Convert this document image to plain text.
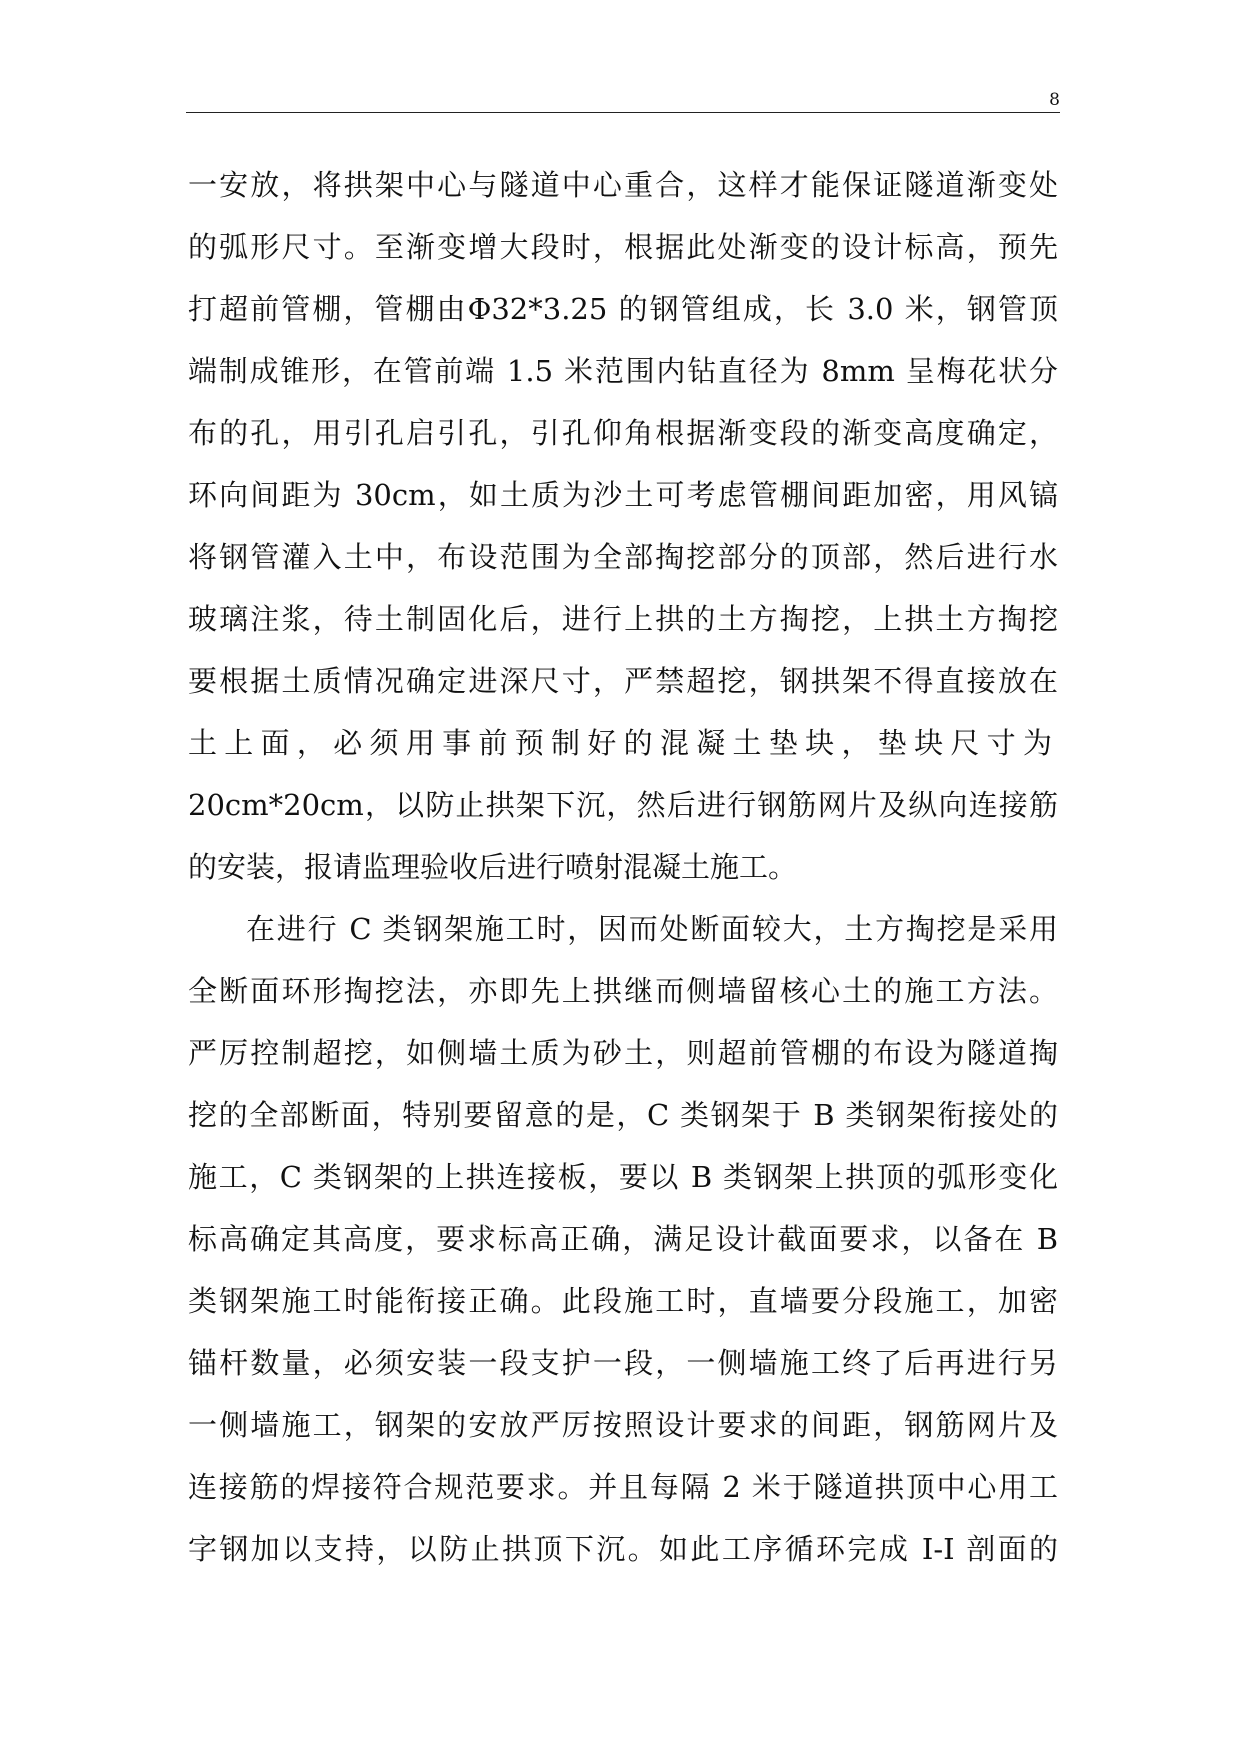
8
一安放，将拱架中心与隧道中心重合，这样才能保证隧道渐变处
的弧形尺寸。至渐变增大段时，根据此处渐变的设计标高，预先
打超前管棚，管棚由Φ32*3.25 的钢管组成，长 3.0 米，钢管顶
端制成锥形，在管前端 1.5 米范围内钻直径为 8mm 呈梅花状分
布的孔，用引孔启引孔，引孔仰角根据渐变段的渐变高度确定，
环向间距为 30cm，如土质为沙土可考虑管棚间距加密，用风镐
将钢管灌入土中，布设范围为全部掏挖部分的顶部，然后进行水
玻璃注浆，待土制固化后，进行上拱的土方掏挖，上拱土方掏挖
要根据土质情况确定进深尺寸，严禁超挖，钢拱架不得直接放在
土上面，必须用事前预制好的混凝土垫块，垫块尺寸为
20cm*20cm，以防止拱架下沉，然后进行钢筋网片及纵向连接筋
的安装，报请监理验收后进行喷射混凝土施工。
在进行 C 类钢架施工时，因而处断面较大，土方掏挖是采用
全断面环形掏挖法，亦即先上拱继而侧墙留核心土的施工方法。
严厉控制超挖，如侧墙土质为砂土，则超前管棚的布设为隧道掏
挖的全部断面，特别要留意的是，C 类钢架于 B 类钢架衔接处的
施工，C 类钢架的上拱连接板，要以 B 类钢架上拱顶的弧形变化
标高确定其高度，要求标高正确，满足设计截面要求，以备在 B
类钢架施工时能衔接正确。此段施工时，直墙要分段施工，加密
锚杆数量，必须安装一段支护一段，一侧墙施工终了后再进行另
一侧墙施工，钢架的安放严厉按照设计要求的间距，钢筋网片及
连接筋的焊接符合规范要求。并且每隔 2 米于隧道拱顶中心用工
字钢加以支持，以防止拱顶下沉。如此工序循环完成 I-I 剖面的
